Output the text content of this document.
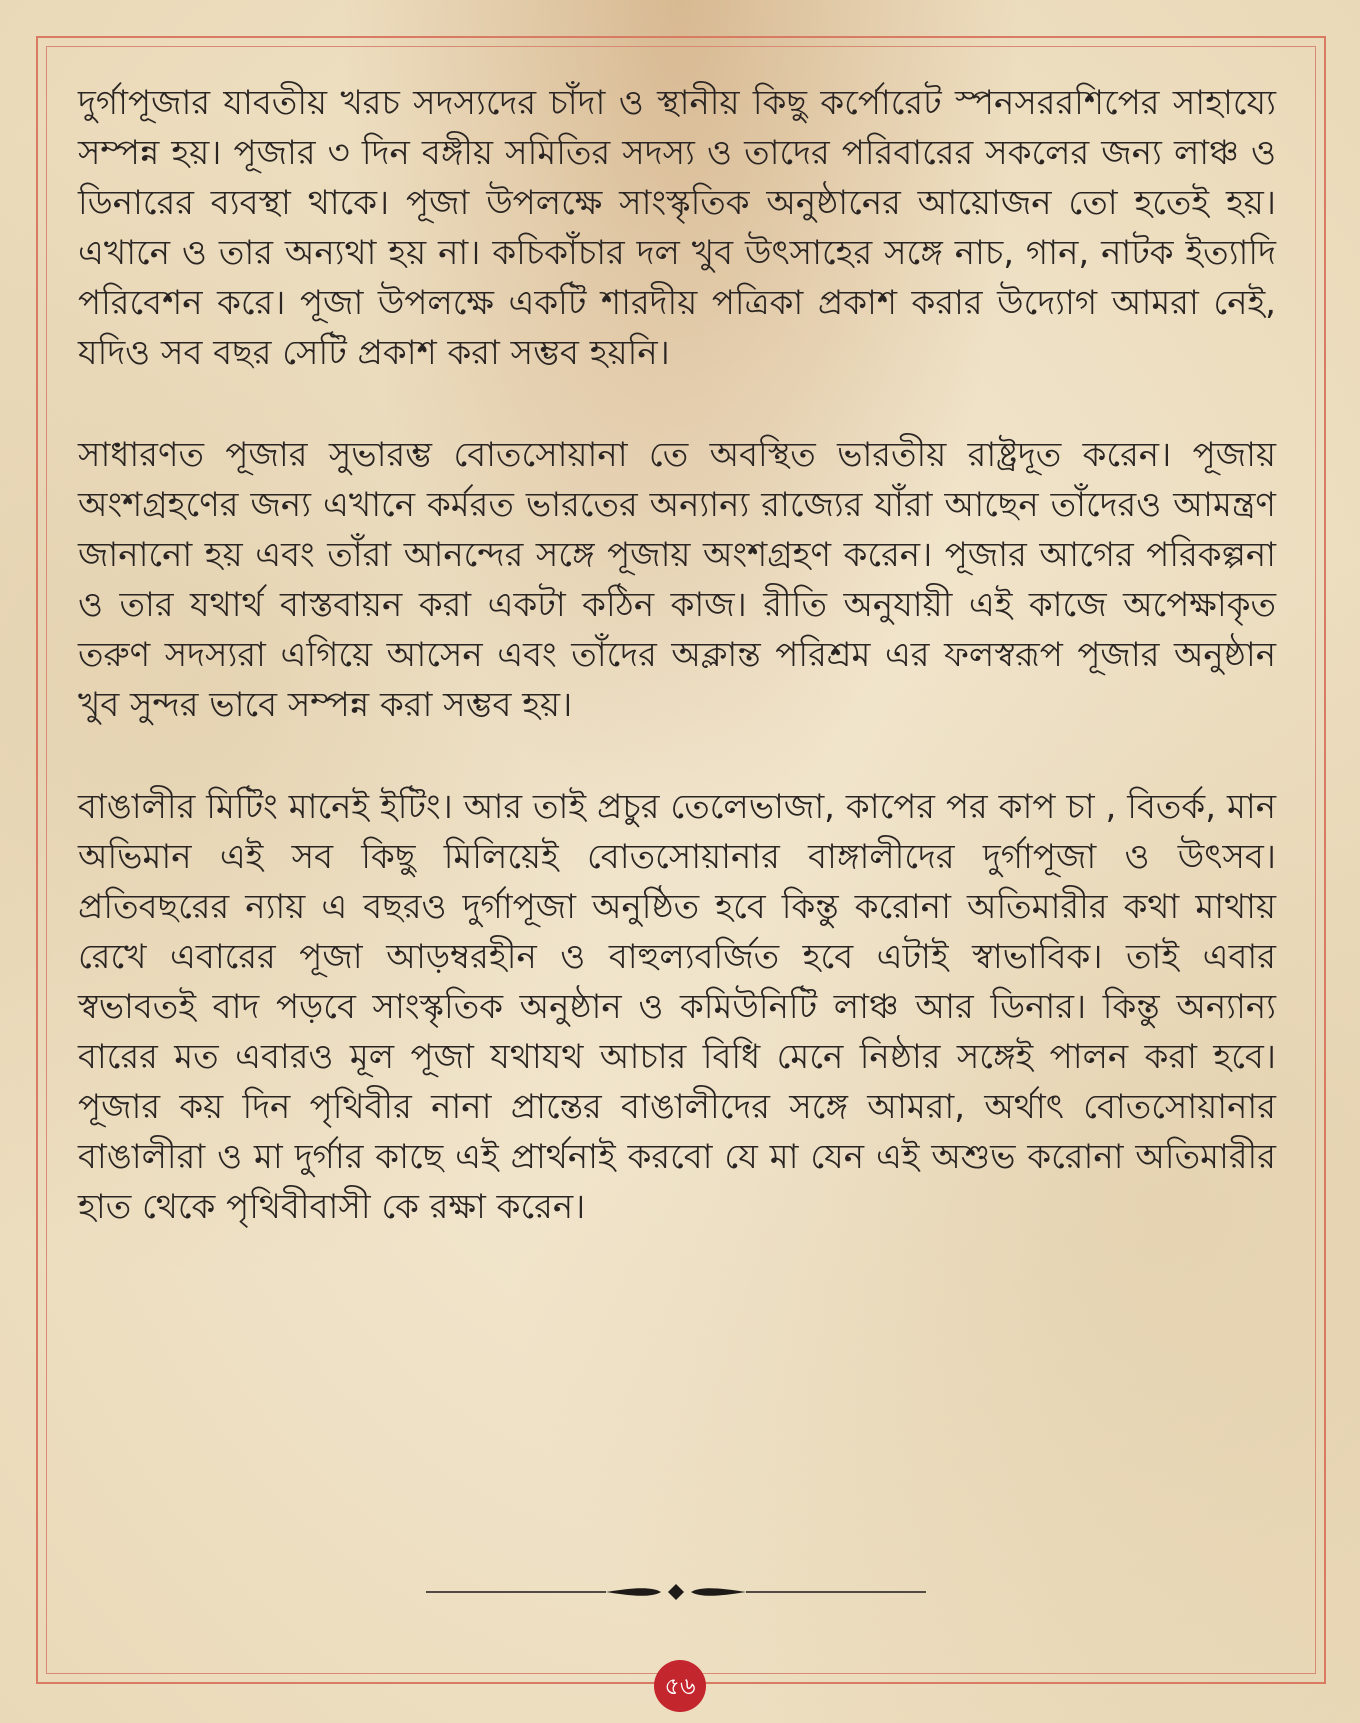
দুর্গাপূজার যাবতীয় খরচ সদস্যদের চাঁদা ও স্থানীয় কিছু কর্পোরেট স্পনসররশিপের সাহায্যে সম্পন্ন হয়। পূজার ৩ দিন বঙ্গীয় সমিতির সদস্য ও তাদের পরিবারের সকলের জন্য লাঞ্চ ও ডিনারের ব্যবস্থা থাকে। পূজা উপলক্ষে সাংস্কৃতিক অনুষ্ঠানের আয়োজন তো হতেই হয়। এখানে ও তার অন্যথা হয় না। কচিকাঁচার দল খুব উৎসাহের সঙ্গে নাচ, গান, নাটক ইত্যাদি পরিবেশন করে। পূজা উপলক্ষে একটি শারদীয় পত্রিকা প্রকাশ করার উদ্যোগ আমরা নেই, যদিও সব বছর সেটি প্রকাশ করা সম্ভব হয়নি।

সাধারণত পূজার সুভারম্ভ বোতসোয়ানা তে অবস্থিত ভারতীয় রাষ্ট্রদূত করেন। পূজায় অংশগ্রহণের জন্য এখানে কর্মরত ভারতের অন্যান্য রাজ্যের যাঁরা আছেন তাঁদেরও আমন্ত্রণ জানানো হয় এবং তাঁরা আনন্দের সঙ্গে পূজায় অংশগ্রহণ করেন। পূজার আগের পরিকল্পনা ও তার যথার্থ বাস্তবায়ন করা একটা কঠিন কাজ। রীতি অনুযায়ী এই কাজে অপেক্ষাকৃত তরুণ সদস্যরা এগিয়ে আসেন এবং তাঁদের অক্লান্ত পরিশ্রম এর ফলস্বরূপ পূজার অনুষ্ঠান খুব সুন্দর ভাবে সম্পন্ন করা সম্ভব হয়।

বাঙালীর মিটিং মানেই ইটিং। আর তাই প্রচুর তেলেভাজা, কাপের পর কাপ চা , বিতর্ক, মান অভিমান এই সব কিছু মিলিয়েই বোতসোয়ানার বাঙ্গালীদের দুর্গাপূজা ও উৎসব। প্রতিবছরের ন্যায় এ বছরও দুর্গাপূজা অনুষ্ঠিত হবে কিন্তু করোনা অতিমারীর কথা মাথায় রেখে এবারের পূজা আড়ম্বরহীন ও বাহুল্যবর্জিত হবে এটাই স্বাভাবিক। তাই এবার স্বভাবতই বাদ পড়বে সাংস্কৃতিক অনুষ্ঠান ও কমিউনিটি লাঞ্চ আর ডিনার। কিন্তু অন্যান্য বারের মত এবারও মূল পূজা যথাযথ আচার বিধি মেনে নিষ্ঠার সঙ্গেই পালন করা হবে। পূজার কয় দিন পৃথিবীর নানা প্রান্তের বাঙালীদের সঙ্গে আমরা, অর্থাৎ বোতসোয়ানার বাঙালীরা ও মা দুর্গার কাছে এই প্রার্থনাই করবো যে মা যেন এই অশুভ করোনা অতিমারীর হাত থেকে পৃথিবীবাসী কে রক্ষা করেন।

৫৬
